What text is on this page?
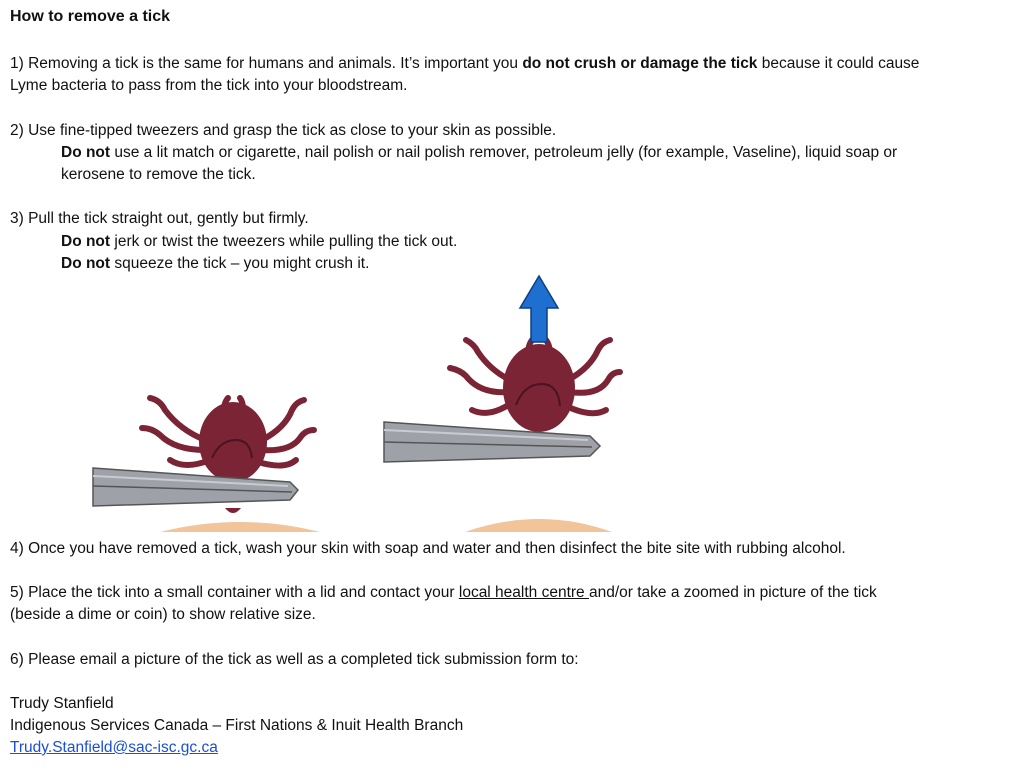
How to remove a tick
1) Removing a tick is the same for humans and animals. It’s important you do not crush or damage the tick because it could cause
Lyme bacteria to pass from the tick into your bloodstream.
2) Use fine-tipped tweezers and grasp the tick as close to your skin as possible.
Do not use a lit match or cigarette, nail polish or nail polish remover, petroleum jelly (for example, Vaseline), liquid soap or
kerosene to remove the tick.
3) Pull the tick straight out, gently but firmly.
Do not jerk or twist the tweezers while pulling the tick out.
Do not squeeze the tick – you might crush it.
4) Once you have removed a tick, wash your skin with soap and water and then disinfect the bite site with rubbing alcohol.
5) Place the tick into a small container with a lid and contact your local health centre and/or take a zoomed in picture of the tick
(beside a dime or coin) to show relative size.
6) Please email a picture of the tick as well as a completed tick submission form to:
Trudy Stanfield
Indigenous Services Canada – First Nations & Inuit Health Branch
Trudy.Stanfield@sac-isc.gc.ca
